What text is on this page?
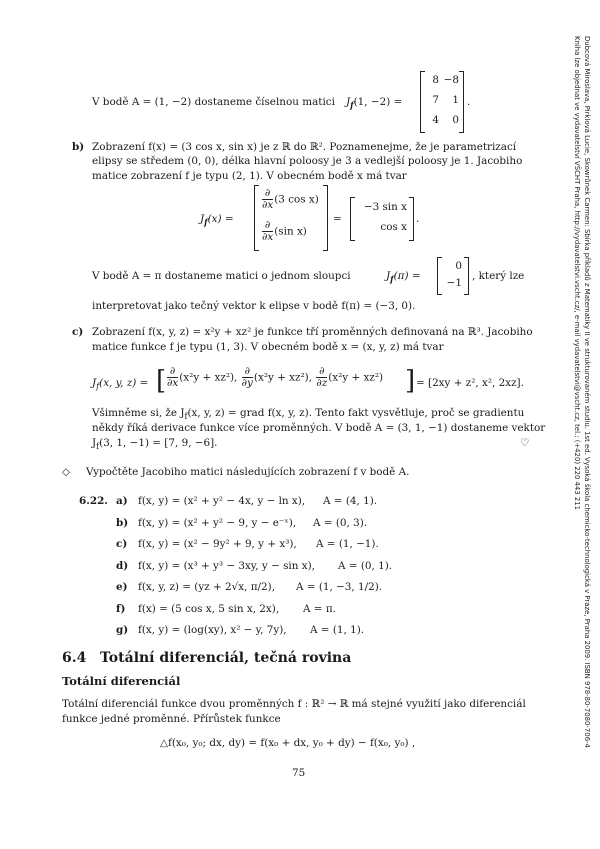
Dubcová Miroslava, Pirklová Lucie, Skowrůnek Carmen: Sbírka příkladů z Matematiky II ve strukturovaném studiu. 1st ed. Vysoká škola chemicko-technologická v Praze, Praha 2009. ISBN 978-80-7080-706-4
Kniha lze objednat ve vydavatelství VŠCHT Praha, http://vydavatelstvi.vscht.cz/, e-mail vydavatelstvi@vscht.cz, tel.: (+420) 220 443 211
V bodě A = (1, −2) dostaneme číselnou matici $J_f(1$, −2) =
8 −8
7	1
4	0
.
b) Zobrazení f(x) = (3 cos x, sin x) je z ℝ do ℝ². Poznamenejme, že je parametrizací
elipsy se středem (0, 0), délka hlavní poloosy je 3 a vedlejší poloosy je 1. Jacobiho
matice zobrazení f je typu (2, 1). V obecném bodě x má tvar
$J_f(x)$ =
$\frac{\partial}{\partial x} (3$ cos x)
$\frac{\partial}{\partial x} (\sin$ x)
=
−3 sin x
cos x
.
V bodě A = π dostaneme matici o jednom sloupci	$J_f(\pi)$ =
0
−1
, který lze
interpretovat jako tečný vektor k elipse v bodě f(π) = (−3, 0).
c) Zobrazení f(x, y, z) = x²y + xz² je funkce tří proměnných definovaná na ℝ³. Jacobiho
matice funkce f je typu (1, 3). V obecném bodě x = (x, y, z) má tvar
$J_f(x$, y, z) = [ $\frac{\partial}{\partial x} (x^2y + xz^2)$, $\frac{\partial}{\partial y} (x^2y + xz^2)$, $\frac{\partial}{\partial z} (x^2y + xz^2)$ ] = [2xy + z², x², 2xz].
Všimněme si, že $J_f(x$, y, z) = grad f(x, y, z). Tento fakt vysvětluje, proč se gradientu
někdy říká derivace funkce více proměnných. V bodě A = (3, 1, −1) dostaneme vektor
$J_f(3$, 1, −1) = [7, 9, −6].	♡
◇ Vypočtěte Jacobiho matici následujících zobrazení f v bodě A.
6.22. a) f(x, y) = (x² + y² − 4x, y − ln x), A = (4, 1).
b) f(x, y) = (x² + y² − 9, y − e⁻ˣ), A = (0, 3).
c) f(x, y) = (x² − 9y² + 9, y + x³), A = (1, −1).
d) f(x, y) = (x³ + y³ − 3xy, y − sin x), A = (0, 1).
e) f(x, y, z) = (yz + 2√x, π/2), A = (1, −3, 1/2).
f) f(x) = (5 cos x, 5 sin x, 2x), A = π.
g) f(x, y) = (log(xy), x² − y, 7y), A = (1, 1).
6.4 Totální diferenciál, tečná rovina
Totální diferenciál
Totální diferenciál funkce dvou proměnných f : ℝ² → ℝ má stejné využití jako diferenciál
funkce jedné proměnné. Přírůstek funkce
△f(x₀, y₀; dx, dy) = f(x₀ + dx, y₀ + dy) − f(x₀, y₀) ,
75
